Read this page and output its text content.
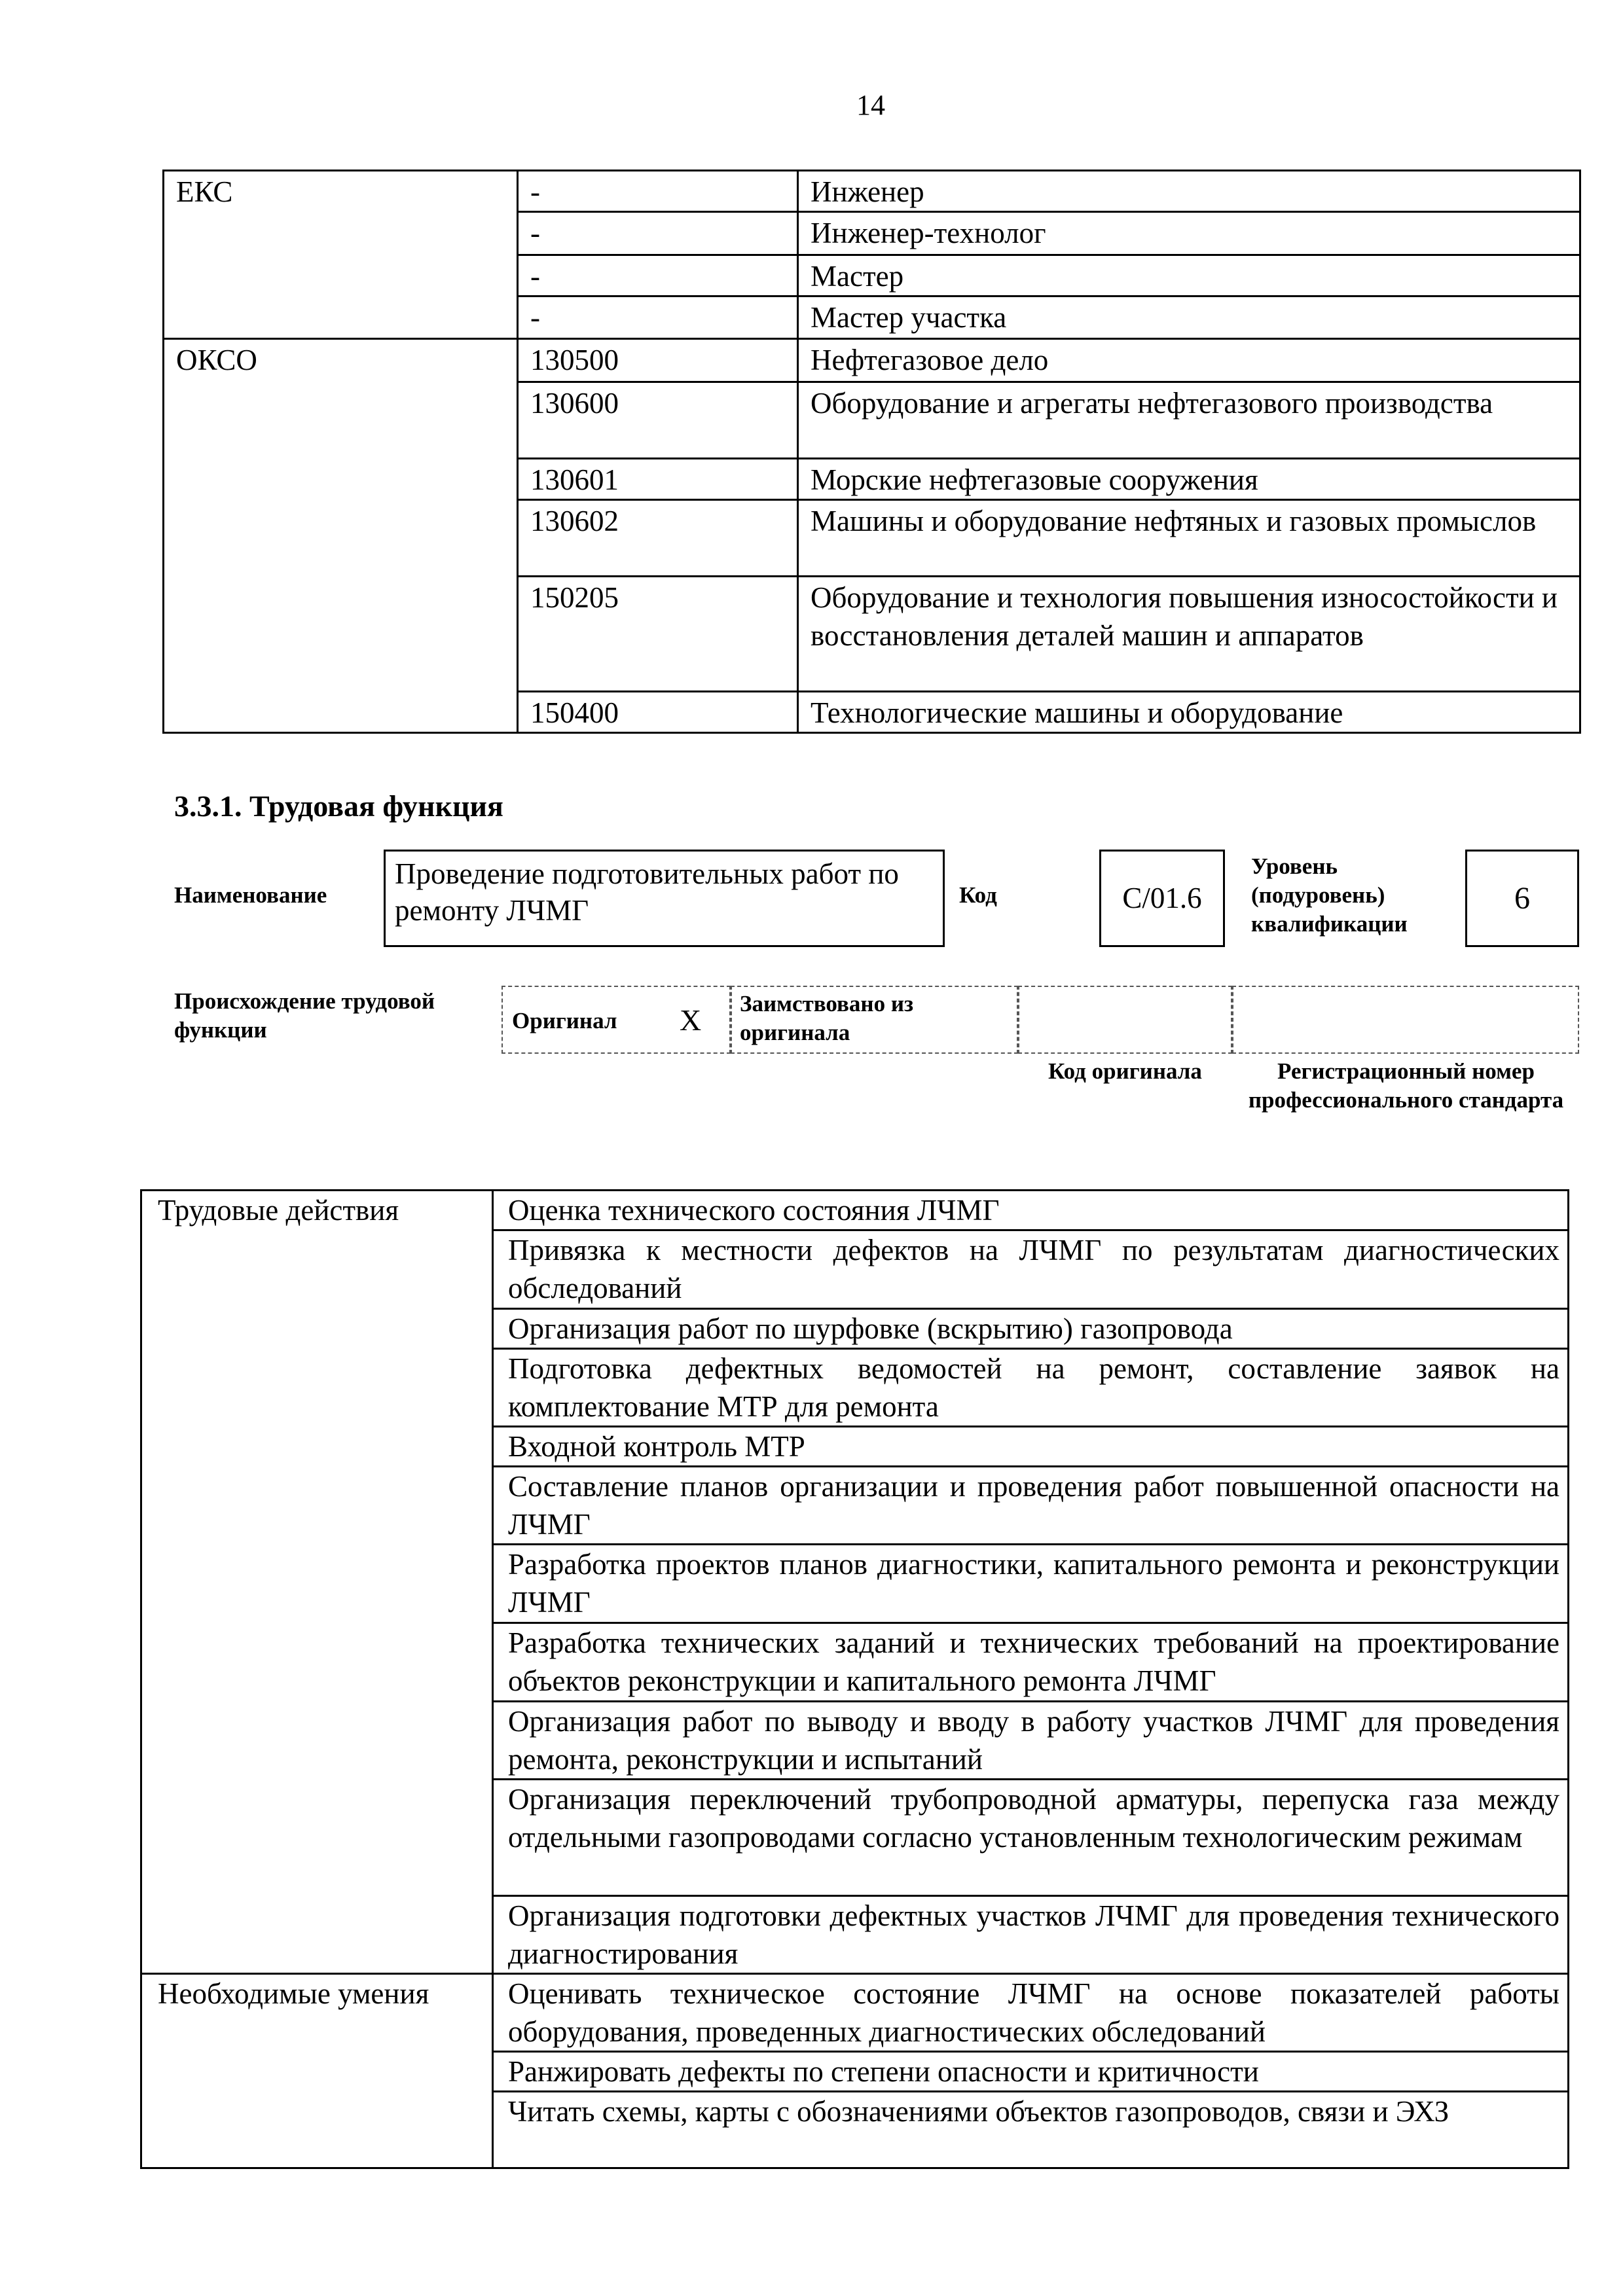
14
ЕКС	-	Инженер
	-	Инженер-технолог
	-	Мастер
	-	Мастер участка
ОКСО	130500	Нефтегазовое дело
	130600	Оборудование и агрегаты нефтегазового производства
	130601	Морские нефтегазовые сооружения
	130602	Машины и оборудование нефтяных и газовых промыслов
	150205	Оборудование и технология повышения износостойкости и восстановления деталей машин и аппаратов
	150400	Технологические машины и оборудование
3.3.1. Трудовая функция
Наименование
Проведение подготовительных работ по ремонту ЛЧМГ	Код	С/01.6
Уровень (подуровень) квалификации
6
Происхождение трудовой функции	Оригинал X	Заимствовано из оригинала
Код оригинала	Регистрационный номер профессионального стандарта
Трудовые действия	Оценка технического состояния ЛЧМГ
	Привязка к местности дефектов на ЛЧМГ по результатам диагностических обследований
	Организация работ по шурфовке (вскрытию) газопровода
	Подготовка дефектных ведомостей на ремонт, составление заявок на комплектование МТР для ремонта
	Входной контроль МТР
	Составление планов организации и проведения работ повышенной опасности на ЛЧМГ
	Разработка проектов планов диагностики, капитального ремонта и реконструкции ЛЧМГ
	Разработка технических заданий и технических требований на проектирование объектов реконструкции и капитального ремонта ЛЧМГ
	Организация работ по выводу и вводу в работу участков ЛЧМГ для проведения ремонта, реконструкции и испытаний
	Организация переключений трубопроводной арматуры, перепуска газа между отдельными газопроводами согласно установленным технологическим режимам
	Организация подготовки дефектных участков ЛЧМГ для проведения технического диагностирования
Необходимые умения	Оценивать техническое состояние ЛЧМГ на основе показателей работы оборудования, проведенных диагностических обследований
	Ранжировать дефекты по степени опасности и критичности
	Читать схемы, карты с обозначениями объектов газопроводов, связи и ЭХЗ
